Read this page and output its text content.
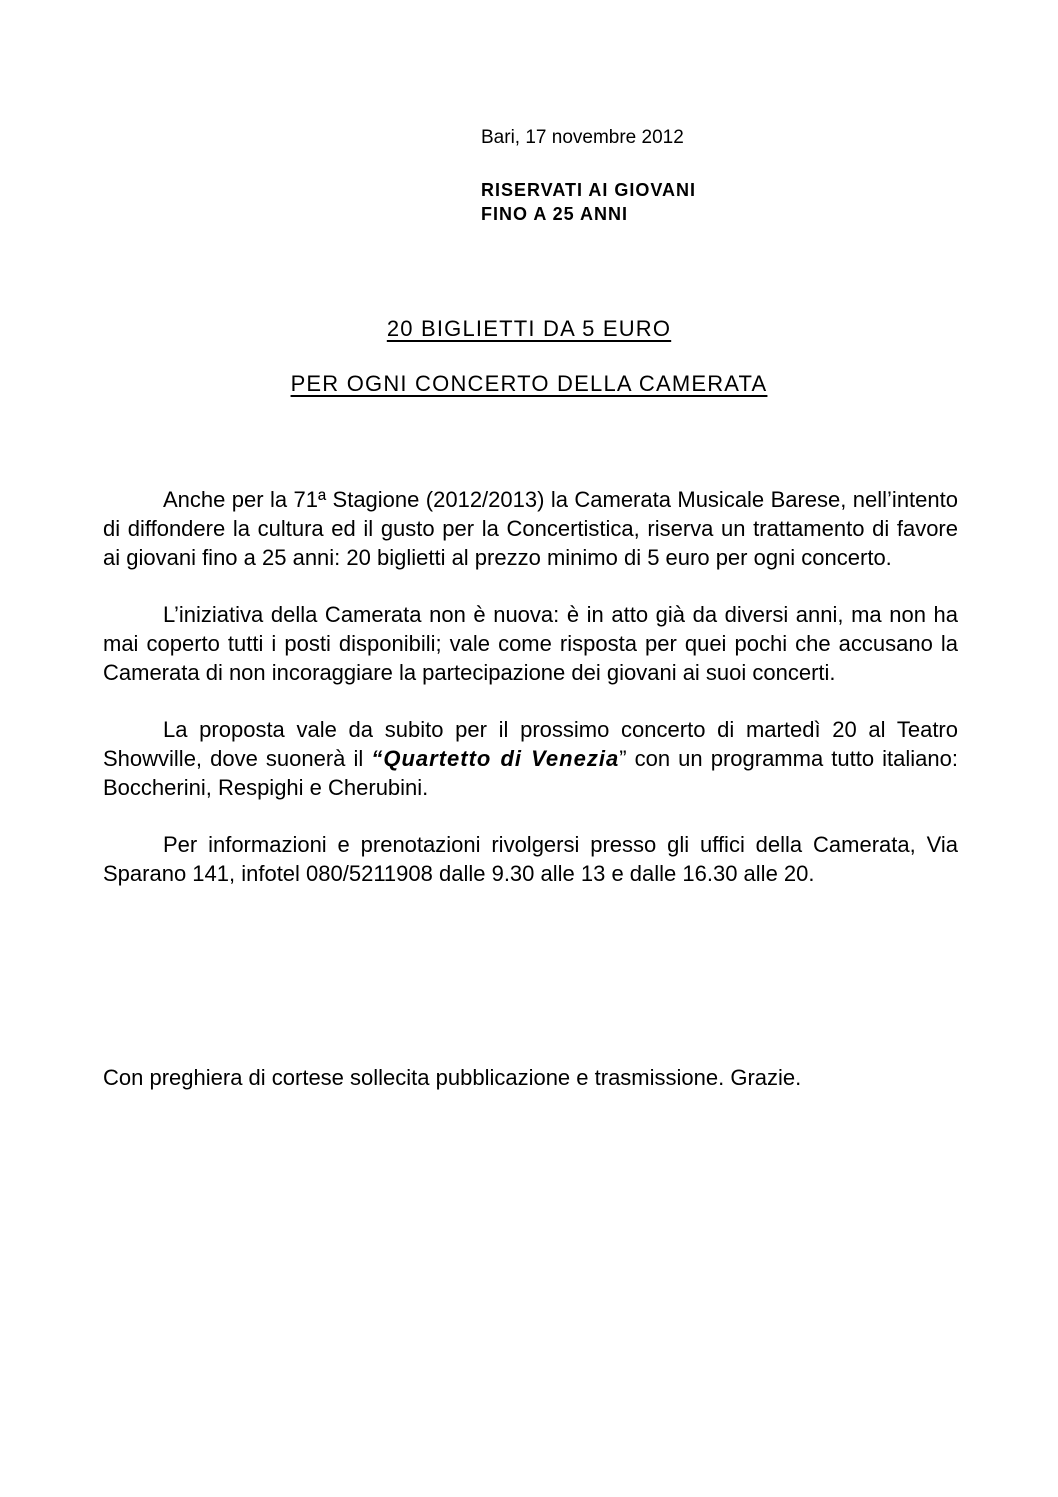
Bari, 17 novembre 2012

RISERVATI AI GIOVANI
FINO A 25 ANNI
20 BIGLIETTI DA 5 EURO
PER OGNI CONCERTO DELLA CAMERATA

Anche per la 71ª Stagione (2012/2013) la Camerata Musicale Barese, nell’intento di diffondere la cultura ed il gusto per la Concertistica, riserva un trattamento di favore ai giovani fino a 25 anni: 20 biglietti al prezzo minimo di 5 euro per ogni concerto.

L’iniziativa della Camerata non è nuova: è in atto già da diversi anni, ma non ha mai coperto tutti i posti disponibili; vale come risposta per quei pochi che accusano la Camerata di non incoraggiare la partecipazione dei giovani ai suoi concerti.

La proposta vale da subito per il prossimo concerto di martedì 20 al Teatro Showville, dove suonerà il “Quartetto di Venezia” con un programma tutto italiano: Boccherini, Respighi e Cherubini.

Per informazioni e prenotazioni rivolgersi presso gli uffici della Camerata, Via Sparano 141, infotel 080/5211908 dalle 9.30 alle 13 e dalle 16.30 alle 20.

Con preghiera di cortese sollecita pubblicazione e trasmissione. Grazie.
